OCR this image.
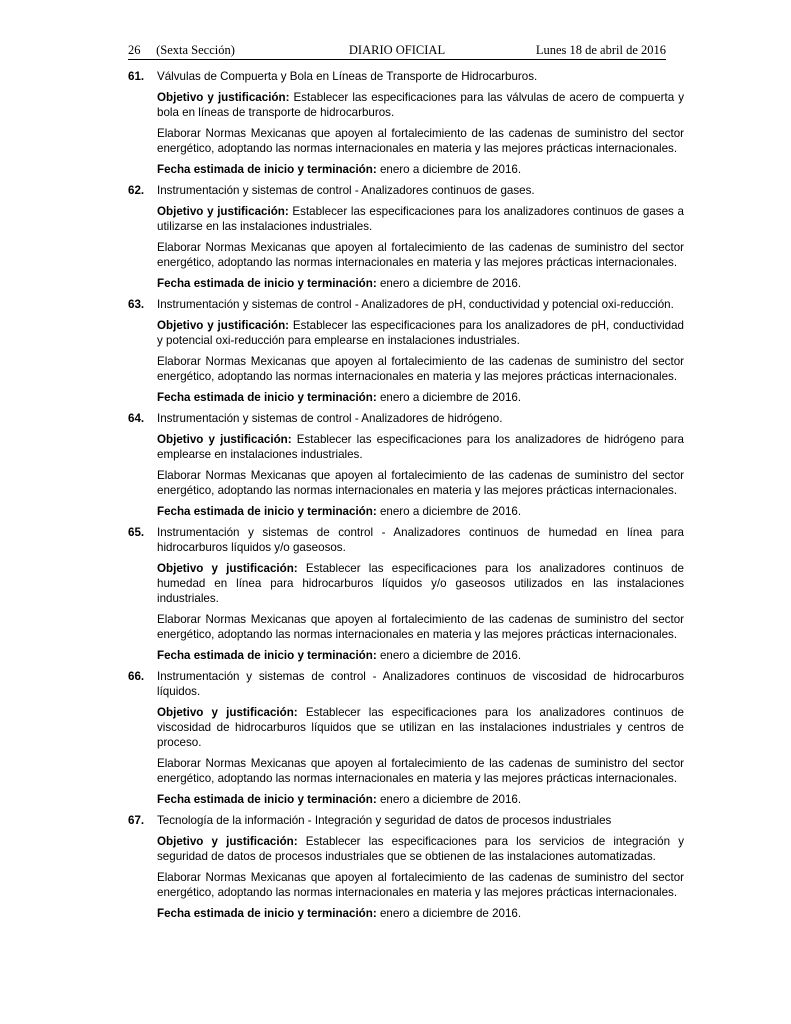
26 (Sexta Sección)	DIARIO OFICIAL	Lunes 18 de abril de 2016
61. Válvulas de Compuerta y Bola en Líneas de Transporte de Hidrocarburos.
Objetivo y justificación: Establecer las especificaciones para las válvulas de acero de compuerta y bola en líneas de transporte de hidrocarburos.
Elaborar Normas Mexicanas que apoyen al fortalecimiento de las cadenas de suministro del sector energético, adoptando las normas internacionales en materia y las mejores prácticas internacionales.
Fecha estimada de inicio y terminación: enero a diciembre de 2016.
62. Instrumentación y sistemas de control - Analizadores continuos de gases.
Objetivo y justificación: Establecer las especificaciones para los analizadores continuos de gases a utilizarse en las instalaciones industriales.
Elaborar Normas Mexicanas que apoyen al fortalecimiento de las cadenas de suministro del sector energético, adoptando las normas internacionales en materia y las mejores prácticas internacionales.
Fecha estimada de inicio y terminación: enero a diciembre de 2016.
63. Instrumentación y sistemas de control - Analizadores de pH, conductividad y potencial oxi-reducción.
Objetivo y justificación: Establecer las especificaciones para los analizadores de pH, conductividad y potencial oxi-reducción para emplearse en instalaciones industriales.
Elaborar Normas Mexicanas que apoyen al fortalecimiento de las cadenas de suministro del sector energético, adoptando las normas internacionales en materia y las mejores prácticas internacionales.
Fecha estimada de inicio y terminación: enero a diciembre de 2016.
64. Instrumentación y sistemas de control - Analizadores de hidrógeno.
Objetivo y justificación: Establecer las especificaciones para los analizadores de hidrógeno para emplearse en instalaciones industriales.
Elaborar Normas Mexicanas que apoyen al fortalecimiento de las cadenas de suministro del sector energético, adoptando las normas internacionales en materia y las mejores prácticas internacionales.
Fecha estimada de inicio y terminación: enero a diciembre de 2016.
65. Instrumentación y sistemas de control - Analizadores continuos de humedad en línea para hidrocarburos líquidos y/o gaseosos.
Objetivo y justificación: Establecer las especificaciones para los analizadores continuos de humedad en línea para hidrocarburos líquidos y/o gaseosos utilizados en las instalaciones industriales.
Elaborar Normas Mexicanas que apoyen al fortalecimiento de las cadenas de suministro del sector energético, adoptando las normas internacionales en materia y las mejores prácticas internacionales.
Fecha estimada de inicio y terminación: enero a diciembre de 2016.
66. Instrumentación y sistemas de control - Analizadores continuos de viscosidad de hidrocarburos líquidos.
Objetivo y justificación: Establecer las especificaciones para los analizadores continuos de viscosidad de hidrocarburos líquidos que se utilizan en las instalaciones industriales y centros de proceso.
Elaborar Normas Mexicanas que apoyen al fortalecimiento de las cadenas de suministro del sector energético, adoptando las normas internacionales en materia y las mejores prácticas internacionales.
Fecha estimada de inicio y terminación: enero a diciembre de 2016.
67. Tecnología de la información - Integración y seguridad de datos de procesos industriales
Objetivo y justificación: Establecer las especificaciones para los servicios de integración y seguridad de datos de procesos industriales que se obtienen de las instalaciones automatizadas.
Elaborar Normas Mexicanas que apoyen al fortalecimiento de las cadenas de suministro del sector energético, adoptando las normas internacionales en materia y las mejores prácticas internacionales.
Fecha estimada de inicio y terminación: enero a diciembre de 2016.
